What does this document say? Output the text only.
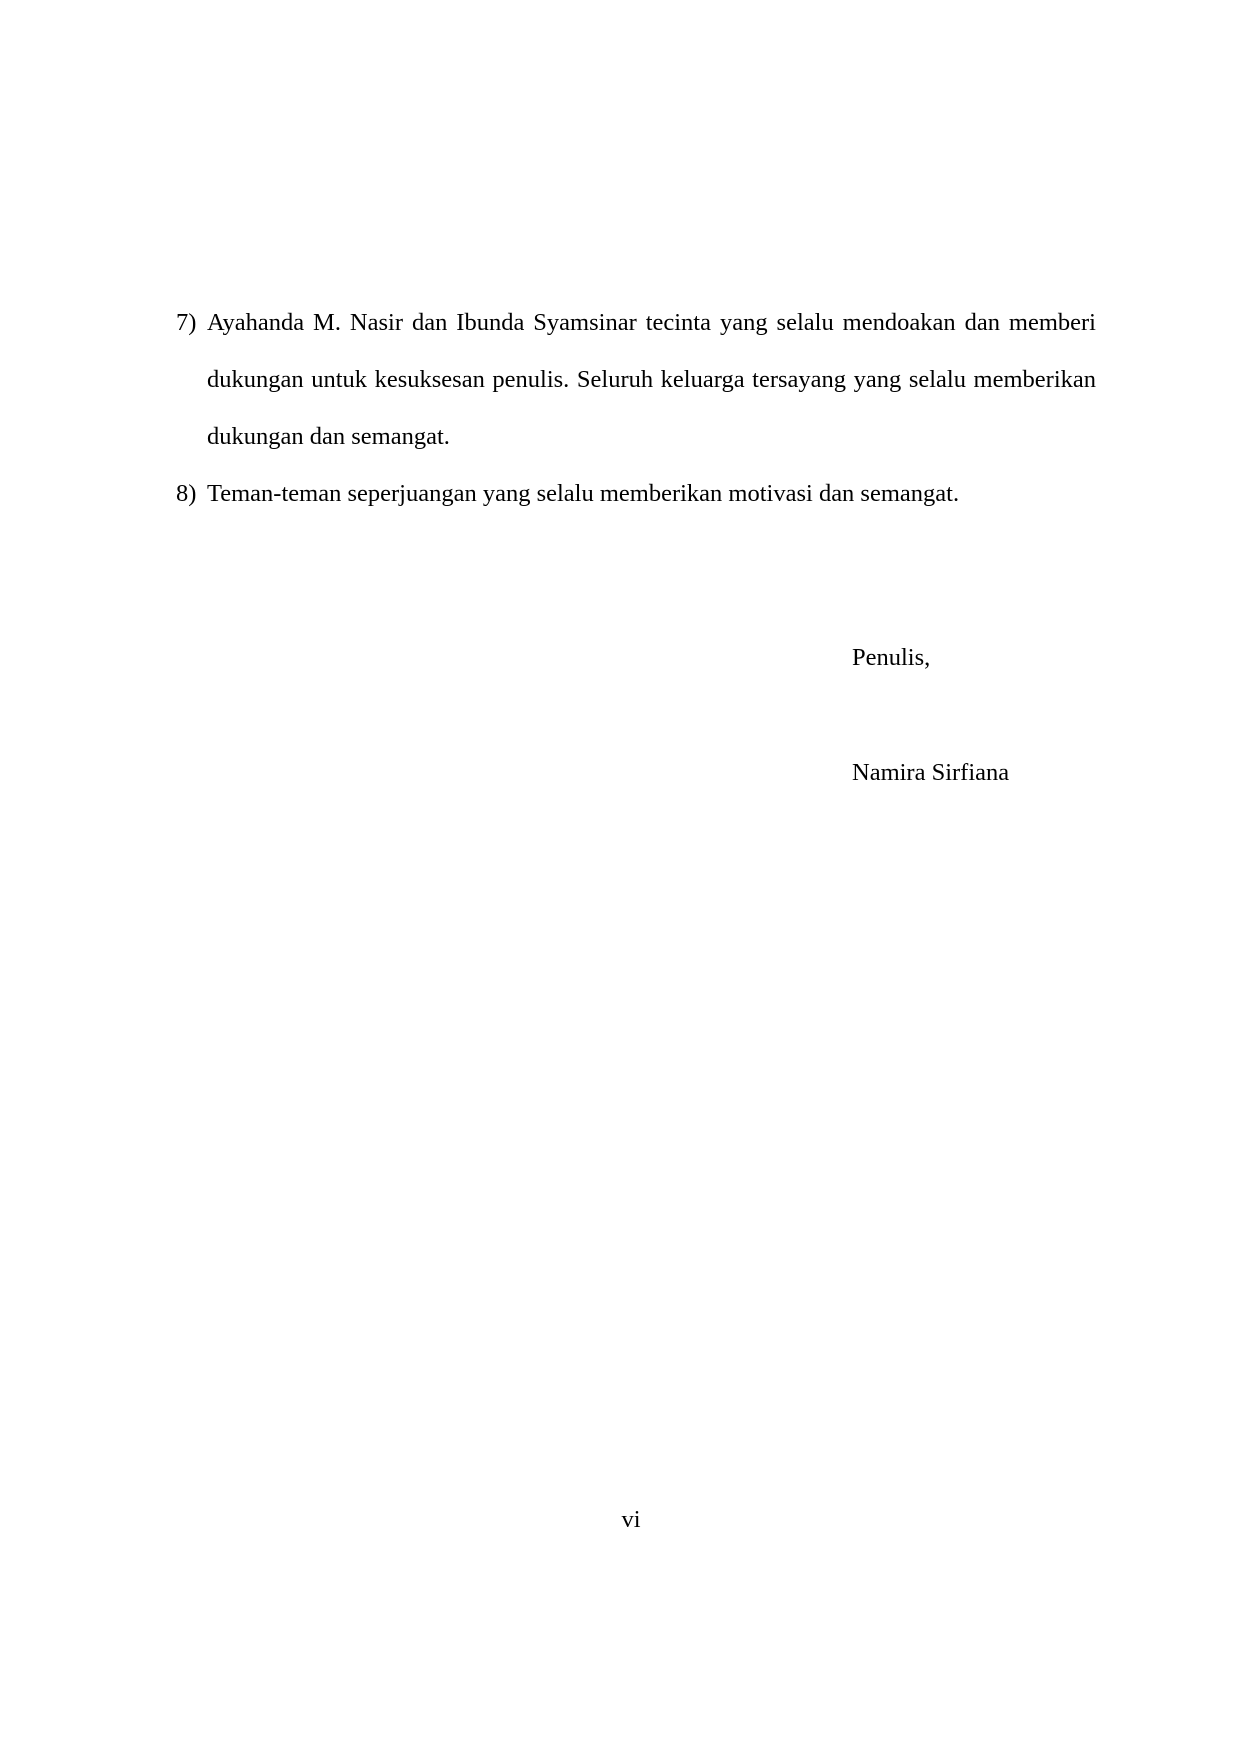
7) Ayahanda M. Nasir dan Ibunda Syamsinar tecinta yang selalu mendoakan dan memberi
dukungan untuk kesuksesan penulis. Seluruh keluarga tersayang yang selalu memberikan
dukungan dan semangat.
8) Teman-teman seperjuangan yang selalu memberikan motivasi dan semangat.
Penulis,
Namira Sirfiana
vi
